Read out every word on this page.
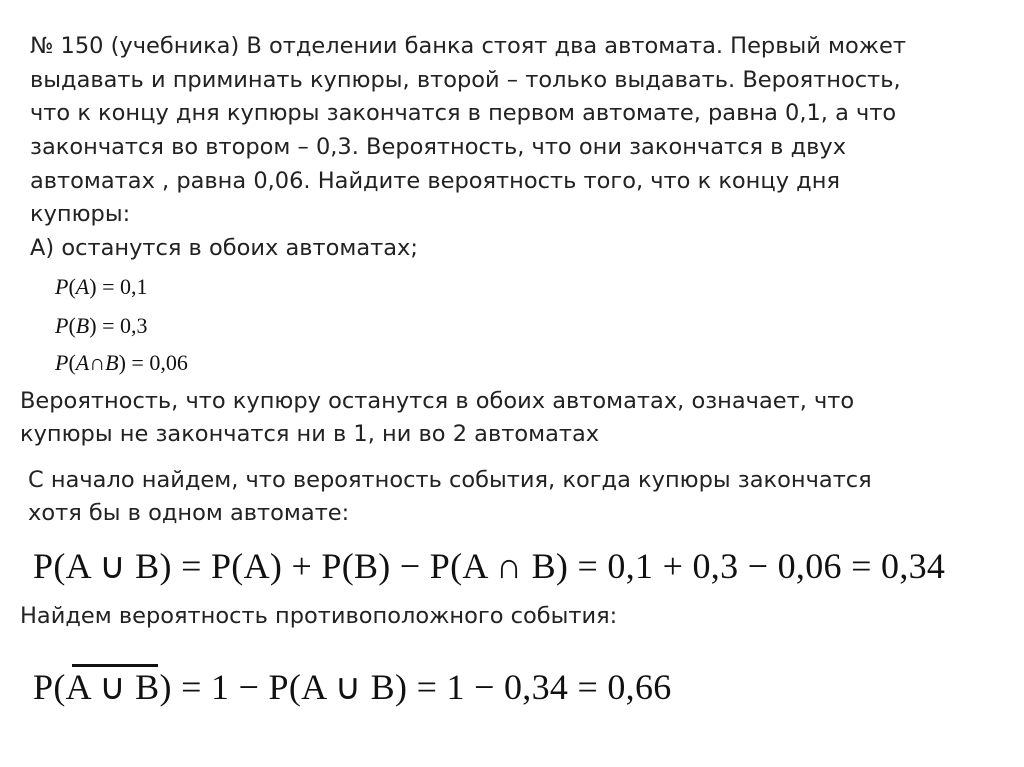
№ 150 (учебника) В отделении банка стоят два автомата. Первый может
выдавать и приминать купюры, второй – только выдавать. Вероятность,
что к концу дня купюры закончатся в первом автомате, равна 0,1, а что
закончатся во втором – 0,3. Вероятность, что они закончатся в двух
автоматах , равна 0,06. Найдите вероятность того, что к концу дня
купюры:
А) останутся в обоих автоматах;
P(A) = 0,1
P(B) = 0,3
P(A∩B) = 0,06
Вероятность, что купюру останутся в обоих автоматах, означает, что
купюры не закончатся ни в 1, ни во 2 автоматах
С начало найдем, что вероятность события, когда купюры закончатся
хотя бы в одном автомате:
P(A ∪ B) = P(A) + P(B) − P(A ∩ B) = 0,1 + 0,3 − 0,06 = 0,34
Найдем вероятность противоположного события:
P(
A ∪ B) = 1 − P(A ∪ B) = 1 − 0,34 = 0,66
